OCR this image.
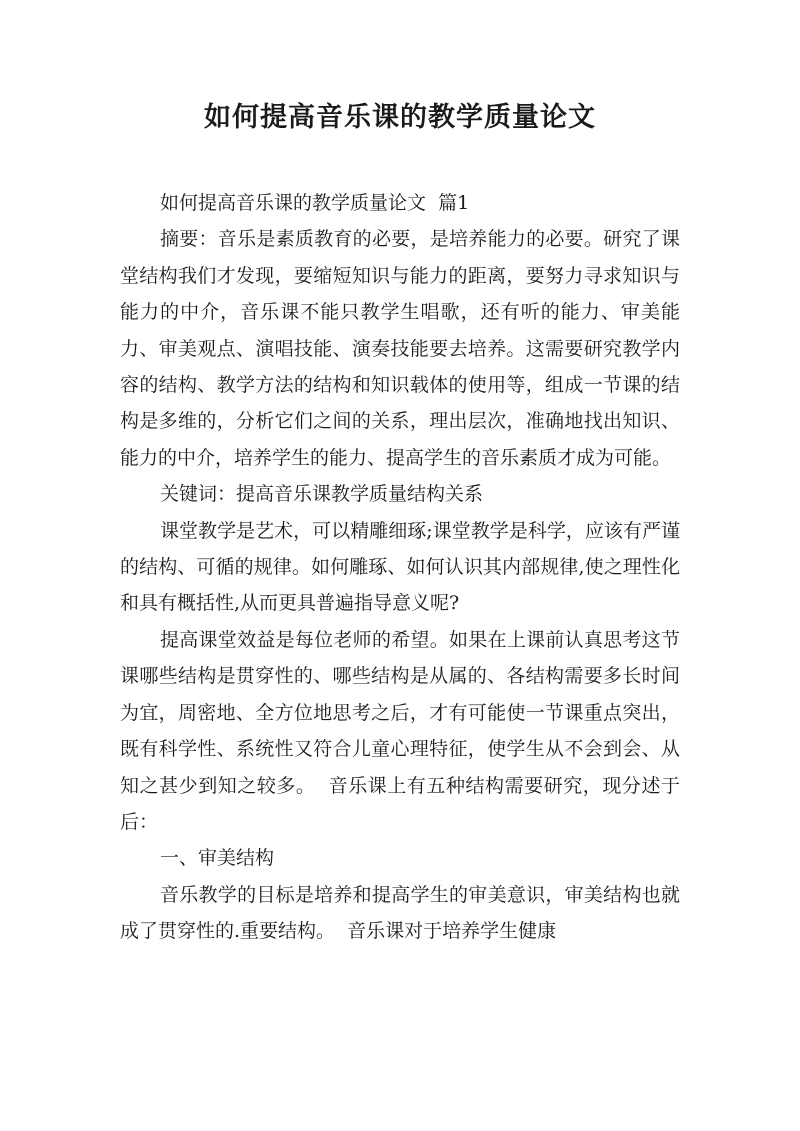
如何提高音乐课的教学质量论文

如何提高音乐课的教学质量论文  篇1

摘要：音乐是素质教育的必要，是培养能力的必要。研究了课堂结构我们才发现，要缩短知识与能力的距离，要努力寻求知识与能力的中介，音乐课不能只教学生唱歌，还有听的能力、审美能力、审美观点、演唱技能、演奏技能要去培养。这需要研究教学内容的结构、教学方法的结构和知识载体的使用等，组成一节课的结构是多维的，分析它们之间的关系，理出层次，准确地找出知识、能力的中介，培养学生的能力、提高学生的音乐素质才成为可能。

关键词：提高音乐课教学质量结构关系

课堂教学是艺术，可以精雕细琢;课堂教学是科学，应该有严谨的结构、可循的规律。如何雕琢、如何认识其内部规律,使之理性化和具有概括性,从而更具普遍指导意义呢?

提高课堂效益是每位老师的希望。如果在上课前认真思考这节课哪些结构是贯穿性的、哪些结构是从属的、各结构需要多长时间为宜，周密地、全方位地思考之后，才有可能使一节课重点突出，既有科学性、系统性又符合儿童心理特征，使学生从不会到会、从知之甚少到知之较多。  音乐课上有五种结构需要研究，现分述于后：

一、审美结构

音乐教学的目标是培养和提高学生的审美意识，审美结构也就成了贯穿性的.重要结构。  音乐课对于培养学生健康
